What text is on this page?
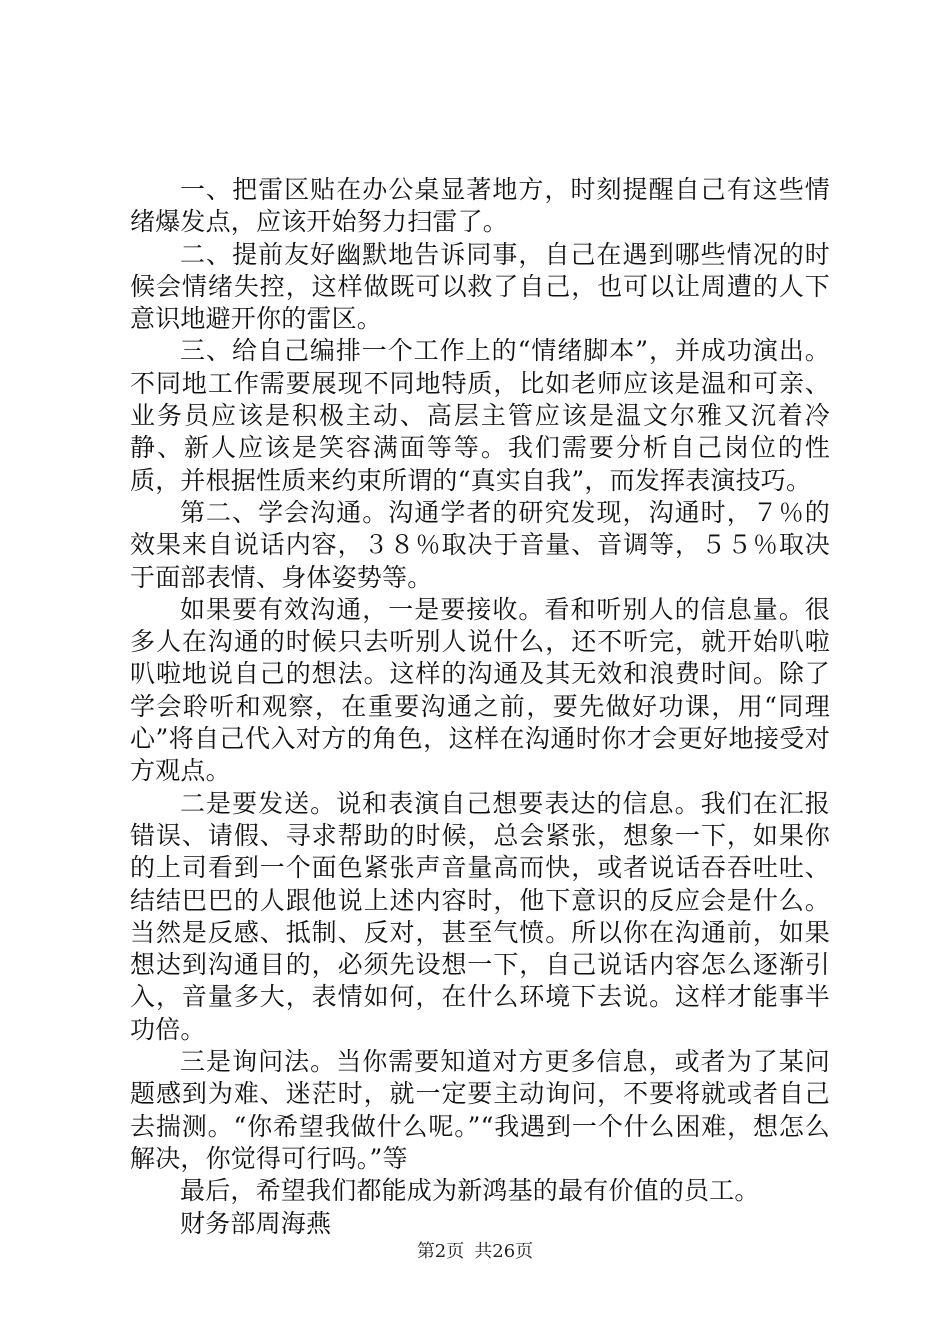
一、把雷区贴在办公桌显著地方，时刻提醒自己有这些情绪爆发点，应该开始努力扫雷了。

二、提前友好幽默地告诉同事，自己在遇到哪些情况的时候会情绪失控，这样做既可以救了自己，也可以让周遭的人下意识地避开你的雷区。

三、给自己编排一个工作上的“情绪脚本”，并成功演出。不同地工作需要展现不同地特质，比如老师应该是温和可亲、业务员应该是积极主动、高层主管应该是温文尔雅又沉着冷静、新人应该是笑容满面等等。我们需要分析自己岗位的性质，并根据性质来约束所谓的“真实自我”，而发挥表演技巧。

第二、学会沟通。沟通学者的研究发现，沟通时，７％的效果来自说话内容，３８％取决于音量、音调等，５５％取决于面部表情、身体姿势等。

如果要有效沟通，一是要接收。看和听别人的信息量。很多人在沟通的时候只去听别人说什么，还不听完，就开始叭啦叭啦地说自己的想法。这样的沟通及其无效和浪费时间。除了学会聆听和观察，在重要沟通之前，要先做好功课，用“同理心”将自己代入对方的角色，这样在沟通时你才会更好地接受对方观点。

二是要发送。说和表演自己想要表达的信息。我们在汇报错误、请假、寻求帮助的时候，总会紧张，想象一下，如果你的上司看到一个面色紧张声音量高而快，或者说话吞吞吐吐、结结巴巴的人跟他说上述内容时，他下意识的反应会是什么。当然是反感、抵制、反对，甚至气愤。所以你在沟通前，如果想达到沟通目的，必须先设想一下，自己说话内容怎么逐渐引入，音量多大，表情如何，在什么环境下去说。这样才能事半功倍。

三是询问法。当你需要知道对方更多信息，或者为了某问题感到为难、迷茫时，就一定要主动询问，不要将就或者自己去揣测。“你希望我做什么呢。”“我遇到一个什么困难，想怎么解决，你觉得可行吗。”等

最后，希望我们都能成为新鸿基的最有价值的员工。

财务部周海燕

第2页 共26页
